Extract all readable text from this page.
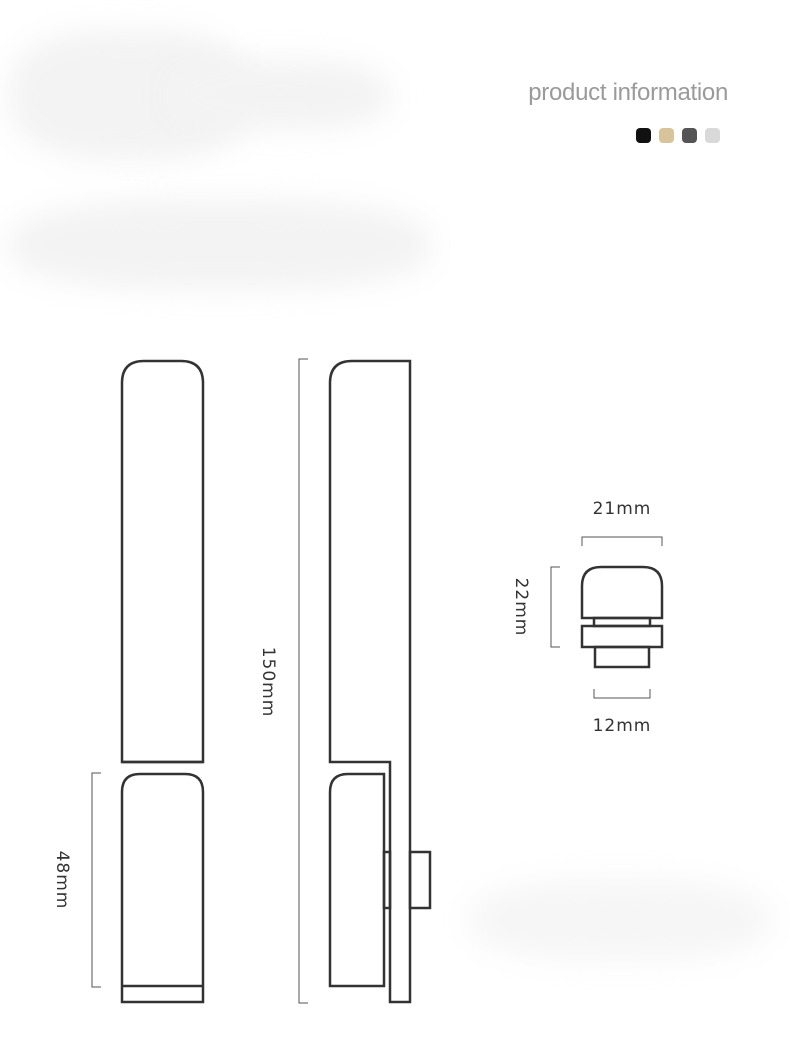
product information
150mm
48mm
21mm
22mm
12mm
